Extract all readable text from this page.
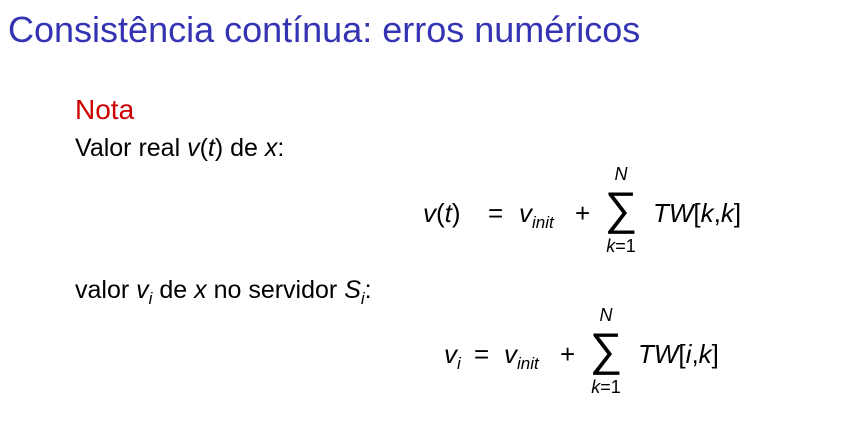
Consistência contínua: erros numéricos
Nota
Valor real v(t) de x:
$v(t) = v_{init}$ +
N
∑
k=1
TW[k,k]
valor $v_i$ de x no servidor $S_i$:
$v_i = v_{init}$ +
N
∑
k=1
TW[i,k]
